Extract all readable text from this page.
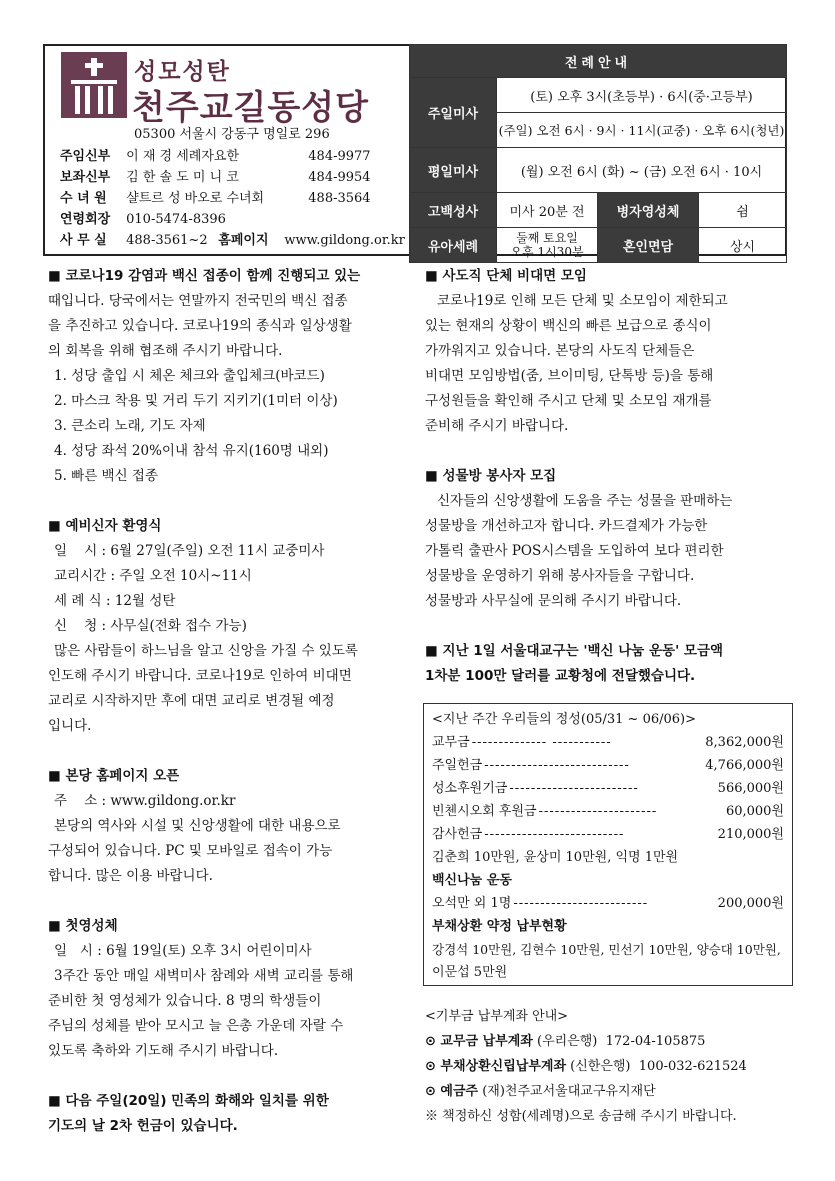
성모성탄
천주교길동성당
05300 서울시 강동구 명일로 296
주임신부 이 재 경 세례자요한	484-9977
보좌신부 김 한 솔 도 미 니 코	484-9954
수 녀 원 샬트르 성 바오로 수녀회	488-3564
연령회장 010-5474-8396
사 무 실 488-3561~2 홈페이지 www.gildong.or.kr
전례안내			
주일미사	(토) 오후 3시(초등부) · 6시(중·고등부)		
	(주일) 오전 6시 · 9시 · 11시(교중) · 오후 6시(청년)		
평일미사	(월) 오전 6시 (화) ~ (금) 오전 6시 · 10시		
고백성사	미사 20분 전	병자영성체	쉼
유아세례	둘째 토요일
오후 1시30분	혼인면담	상시
■ 코로나19 감염과 백신 접종이 함께 진행되고 있는
때입니다. 당국에서는 연말까지 전국민의 백신 접종
을 추진하고 있습니다. 코로나19의 종식과 일상생활
의 회복을 위해 협조해 주시기 바랍니다.
1. 성당 출입 시 체온 체크와 출입체크(바코드)
2. 마스크 착용 및 거리 두기 지키기(1미터 이상)
3. 큰소리 노래, 기도 자제
4. 성당 좌석 20%이내 참석 유지(160명 내외)
5. 빠른 백신 접종
■ 예비신자 환영식
일    시 : 6월 27일(주일) 오전 11시 교중미사
교리시간 : 주일 오전 10시~11시
세 례 식 : 12월 성탄
신    청 : 사무실(전화 접수 가능)
많은 사람들이 하느님을 알고 신앙을 가질 수 있도록
인도해 주시기 바랍니다. 코로나19로 인하여 비대면
교리로 시작하지만 후에 대면 교리로 변경될 예정
입니다.
■ 본당 홈페이지 오픈
주    소 : www.gildong.or.kr
본당의 역사와 시설 및 신앙생활에 대한 내용으로
구성되어 있습니다. PC 및 모바일로 접속이 가능
합니다. 많은 이용 바랍니다.
■ 첫영성체
일   시 : 6월 19일(토) 오후 3시 어린이미사
3주간 동안 매일 새벽미사 참례와 새벽 교리를 통해
준비한 첫 영성체가 있습니다. 8 명의 학생들이
주님의 성체를 받아 모시고 늘 은총 가운데 자랄 수
있도록 축하와 기도해 주시기 바랍니다.
■ 다음 주일(20일) 민족의 화해와 일치를 위한
기도의 날 2차 헌금이 있습니다.
■ 사도직 단체 비대면 모임
코로나19로 인해 모든 단체 및 소모임이 제한되고
있는 현재의 상황이 백신의 빠른 보급으로 종식이
가까워지고 있습니다. 본당의 사도직 단체들은
비대면 모임방법(줌, 브이미팅, 단톡방 등)을 통해
구성원들을 확인해 주시고 단체 및 소모임 재개를
준비해 주시기 바랍니다.
■ 성물방 봉사자 모집
신자들의 신앙생활에 도움을 주는 성물을 판매하는
성물방을 개선하고자 합니다. 카드결제가 가능한
가톨릭 출판사 POS시스템을 도입하여 보다 편리한
성물방을 운영하기 위해 봉사자들을 구합니다.
성물방과 사무실에 문의해 주시기 바랍니다.
■ 지난 1일 서울대교구는 '백신 나눔 운동' 모금액
1차분 100만 달러를 교황청에 전달했습니다.
<지난 주간 우리들의 정성(05/31 ~ 06/06)>
교무금 -------------- -----------	8,362,000원
주일헌금 ---------------------------	4,766,000원
성소후원기금 ------------------------	566,000원
빈첸시오회 후원금 ----------------------	60,000원
감사헌금 --------------------------	210,000원
김춘희 10만원, 윤상미 10만원, 익명 1만원
백신나눔 운동
오석만 외 1명 -------------------------	200,000원
부채상환 약정 납부현황
강경석 10만원, 김현수 10만원, 민선기 10만원, 양승대 10만원,
이문섭 5만원
<기부금 납부계좌 안내>
⊙ 교무금 납부계좌 (우리은행)  172-04-105875
⊙ 부채상환신립납부계좌 (신한은행)  100-032-621524
⊙ 예금주 (재)천주교서울대교구유지재단
※ 책정하신 성함(세례명)으로 송금해 주시기 바랍니다.
